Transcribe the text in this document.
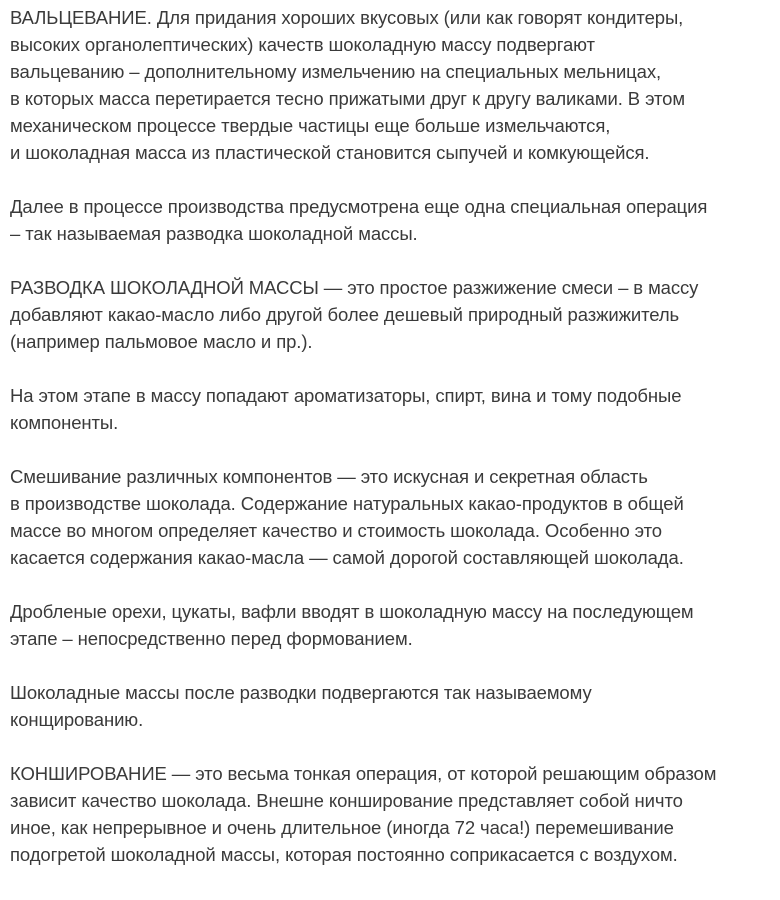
ВАЛЬЦЕВАНИЕ. Для придания хороших вкусовых (или как говорят кондитеры,
высоких органолептических) качеств шоколадную массу подвергают
вальцеванию – дополнительному измельчению на специальных мельницах,
в которых масса перетирается тесно прижатыми друг к другу валиками. В этом
механическом процессе твердые частицы еще больше измельчаются,
и шоколадная масса из пластической становится сыпучей и комкующейся.

Далее в процессе производства предусмотрена еще одна специальная операция
– так называемая разводка шоколадной массы.

РАЗВОДКА ШОКОЛАДНОЙ МАССЫ — это простое разжижение смеси – в массу
добавляют какао-масло либо другой более дешевый природный разжижитель
(например пальмовое масло и пр.).

На этом этапе в массу попадают ароматизаторы, спирт, вина и тому подобные
компоненты.

Смешивание различных компонентов — это искусная и секретная область
в производстве шоколада. Содержание натуральных какао-продуктов в общей
массе во многом определяет качество и стоимость шоколада. Особенно это
касается содержания какао-масла — самой дорогой составляющей шоколада.

Дробленые орехи, цукаты, вафли вводят в шоколадную массу на последующем
этапе – непосредственно перед формованием.

Шоколадные массы после разводки подвергаются так называемому
конщированию.

КОНШИРОВАНИЕ — это весьма тонкая операция, от которой решающим образом
зависит качество шоколада. Внешне конширование представляет собой ничто
иное, как непрерывное и очень длительное (иногда 72 часа!) перемешивание
подогретой шоколадной массы, которая постоянно соприкасается с воздухом.
